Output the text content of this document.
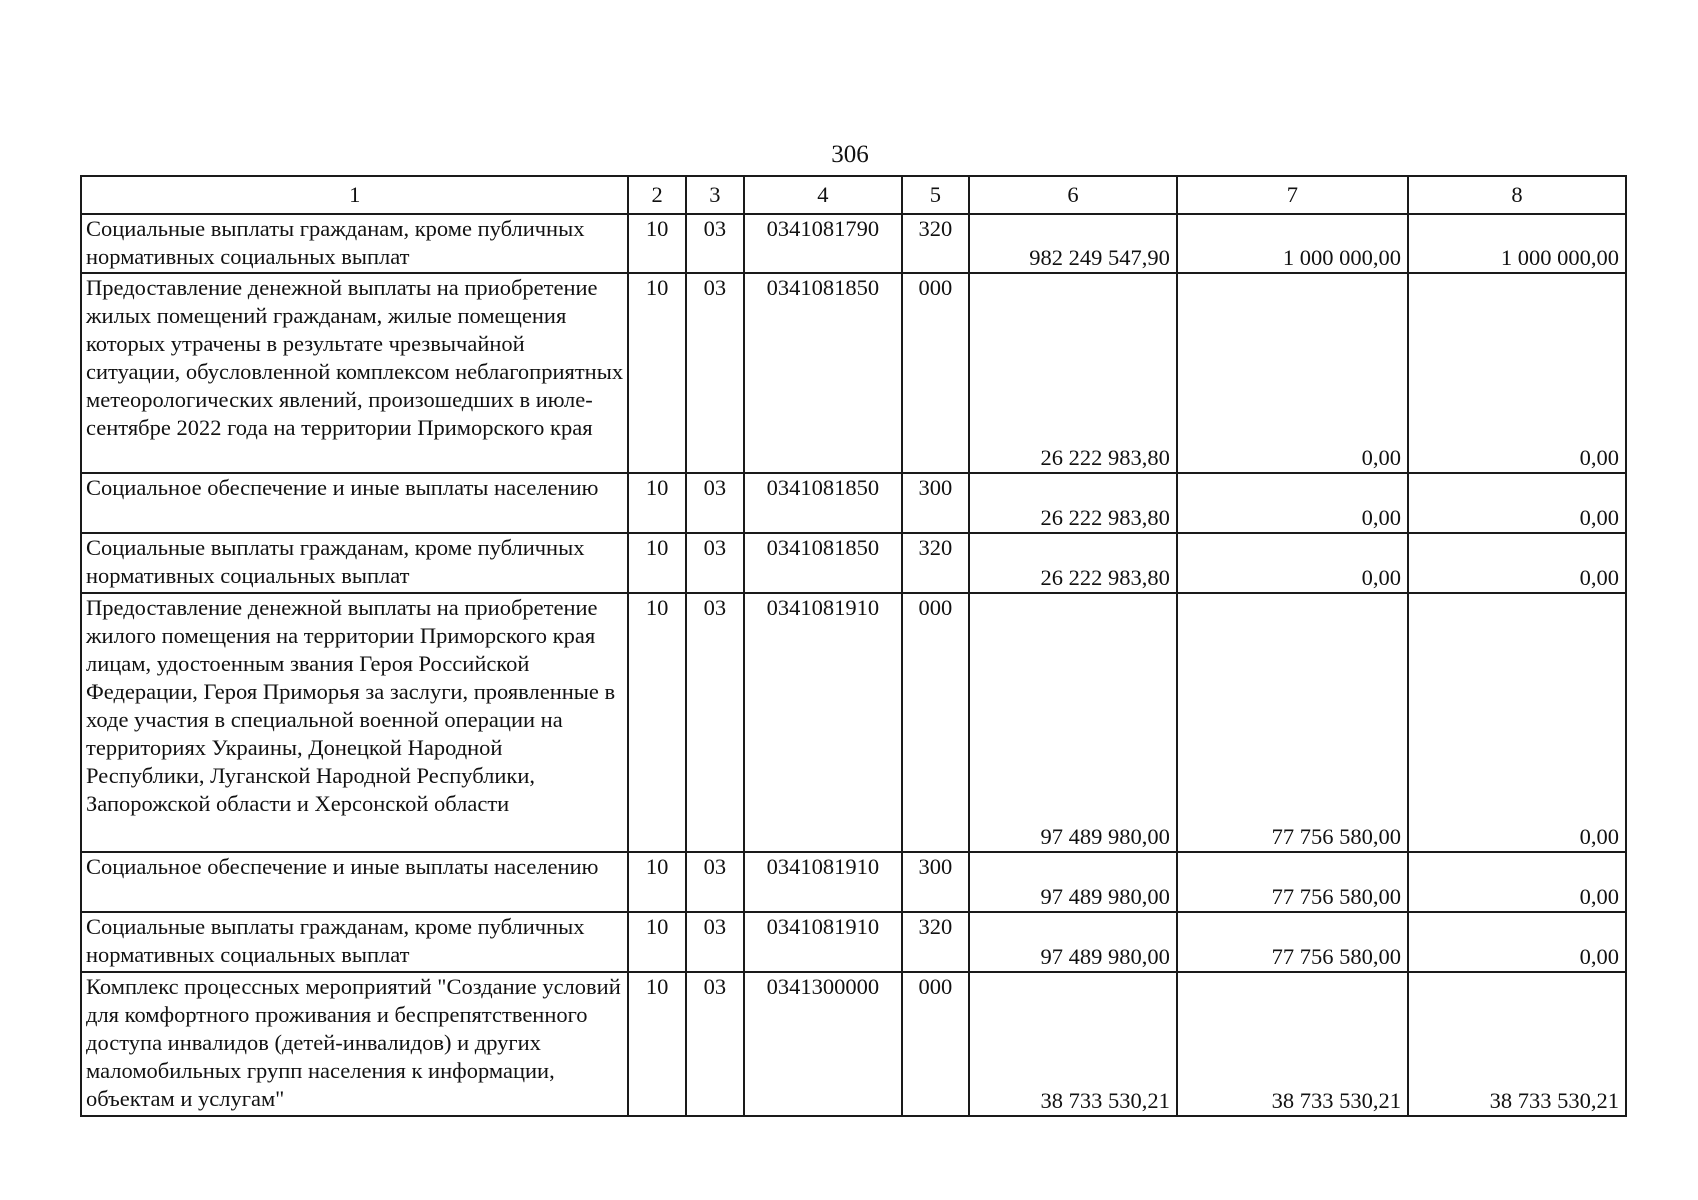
306
1	2	3	4	5	6	7	8
Социальные выплаты гражданам, кроме публичных нормативных социальных выплат	10	03	0341081790	320	982 249 547,90	1 000 000,00	1 000 000,00
Предоставление денежной выплаты на приобретение жилых помещений гражданам, жилые помещения которых утрачены в результате чрезвычайной ситуации, обусловленной комплексом неблагоприятных метеорологических явлений, произошедших в июле-сентябре 2022 года на территории Приморского края	10	03	0341081850	000	26 222 983,80	0,00	0,00
Социальное обеспечение и иные выплаты населению	10	03	0341081850	300	26 222 983,80	0,00	0,00
Социальные выплаты гражданам, кроме публичных нормативных социальных выплат	10	03	0341081850	320	26 222 983,80	0,00	0,00
Предоставление денежной выплаты на приобретение жилого помещения на территории Приморского края лицам, удостоенным звания Героя Российской Федерации, Героя Приморья за заслуги, проявленные в ходе участия в специальной военной операции на территориях Украины, Донецкой Народной Республики, Луганской Народной Республики, Запорожской области и Херсонской области	10	03	0341081910	000	97 489 980,00	77 756 580,00	0,00
Социальное обеспечение и иные выплаты населению	10	03	0341081910	300	97 489 980,00	77 756 580,00	0,00
Социальные выплаты гражданам, кроме публичных нормативных социальных выплат	10	03	0341081910	320	97 489 980,00	77 756 580,00	0,00
Комплекс процессных мероприятий "Создание условий для комфортного проживания и беспрепятственного доступа инвалидов (детей-инвалидов) и других маломобильных групп населения к информации, объектам и услугам"	10	03	0341300000	000	38 733 530,21	38 733 530,21	38 733 530,21
